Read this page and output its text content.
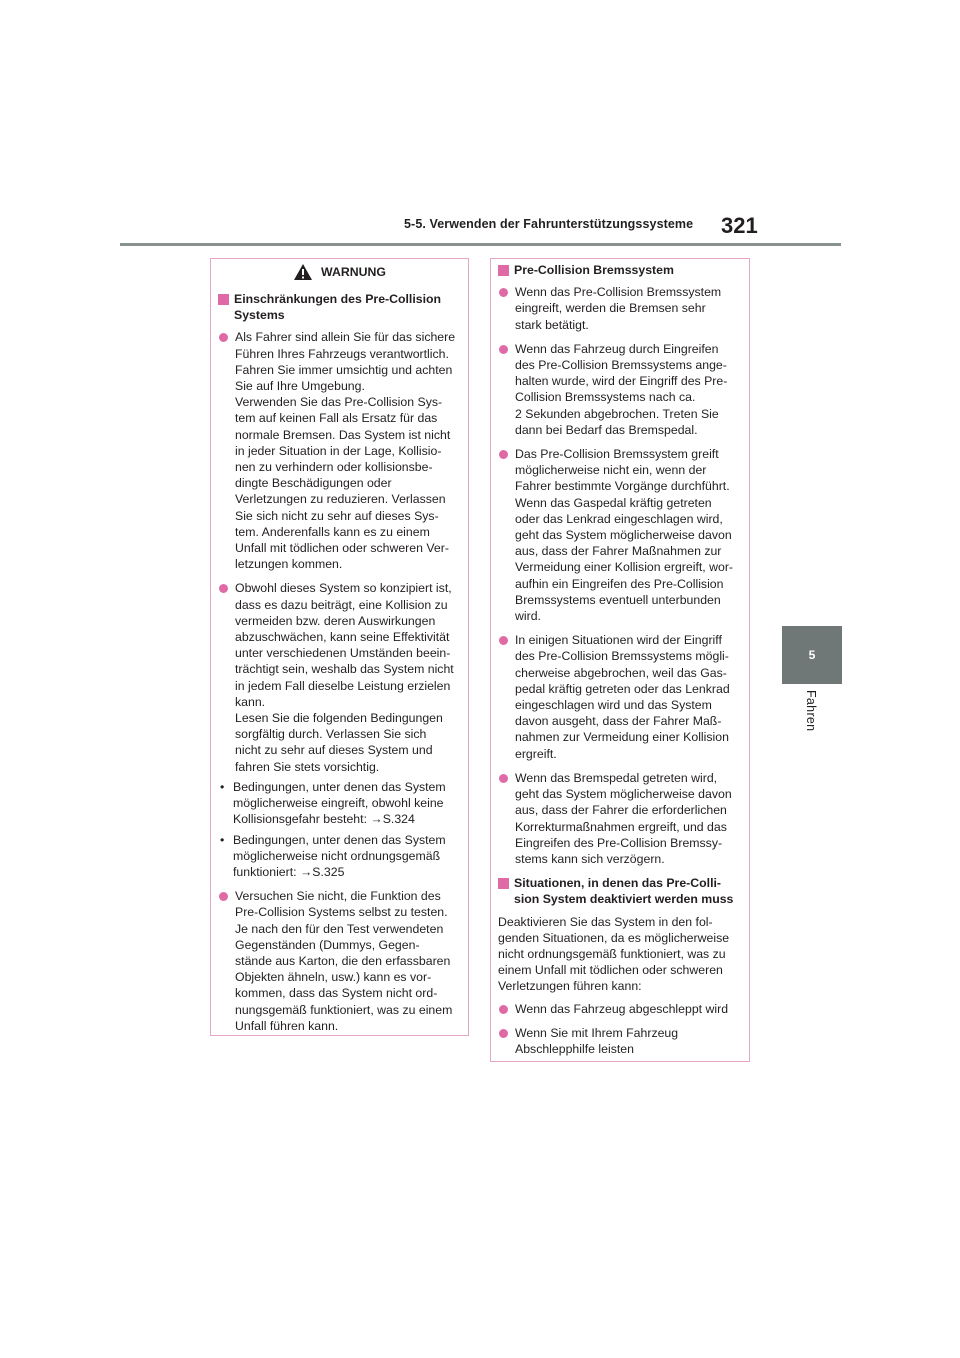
5-5. Verwenden der Fahrunterstützungssysteme 321
5
Fahren
WARNUNG
Einschränkungen des Pre-Collision Systems
Als Fahrer sind allein Sie für das sichere
Führen Ihres Fahrzeugs verantwortlich.
Fahren Sie immer umsichtig und achten
Sie auf Ihre Umgebung.
Verwenden Sie das Pre-Collision Sys-
tem auf keinen Fall als Ersatz für das
normale Bremsen. Das System ist nicht
in jeder Situation in der Lage, Kollisio-
nen zu verhindern oder kollisionsbe-
dingte Beschädigungen oder
Verletzungen zu reduzieren. Verlassen
Sie sich nicht zu sehr auf dieses Sys-
tem. Anderenfalls kann es zu einem
Unfall mit tödlichen oder schweren Ver-
letzungen kommen.
Obwohl dieses System so konzipiert ist,
dass es dazu beiträgt, eine Kollision zu
vermeiden bzw. deren Auswirkungen
abzuschwächen, kann seine Effektivität
unter verschiedenen Umständen beein-
trächtigt sein, weshalb das System nicht
in jedem Fall dieselbe Leistung erzielen
kann.
Lesen Sie die folgenden Bedingungen
sorgfältig durch. Verlassen Sie sich
nicht zu sehr auf dieses System und
fahren Sie stets vorsichtig.
• Bedingungen, unter denen das System
möglicherweise eingreift, obwohl keine
Kollisionsgefahr besteht: →S.324
• Bedingungen, unter denen das System
möglicherweise nicht ordnungsgemäß
funktioniert: →S.325
Versuchen Sie nicht, die Funktion des
Pre-Collision Systems selbst zu testen.
Je nach den für den Test verwendeten
Gegenständen (Dummys, Gegen-
stände aus Karton, die den erfassbaren
Objekten ähneln, usw.) kann es vor-
kommen, dass das System nicht ord-
nungsgemäß funktioniert, was zu einem
Unfall führen kann.
Pre-Collision Bremssystem
Wenn das Pre-Collision Bremssystem
eingreift, werden die Bremsen sehr
stark betätigt.
Wenn das Fahrzeug durch Eingreifen
des Pre-Collision Bremssystems ange-
halten wurde, wird der Eingriff des Pre-
Collision Bremssystems nach ca.
2 Sekunden abgebrochen. Treten Sie
dann bei Bedarf das Bremspedal.
Das Pre-Collision Bremssystem greift
möglicherweise nicht ein, wenn der
Fahrer bestimmte Vorgänge durchführt.
Wenn das Gaspedal kräftig getreten
oder das Lenkrad eingeschlagen wird,
geht das System möglicherweise davon
aus, dass der Fahrer Maßnahmen zur
Vermeidung einer Kollision ergreift, wor-
aufhin ein Eingreifen des Pre-Collision
Bremssystems eventuell unterbunden
wird.
In einigen Situationen wird der Eingriff
des Pre-Collision Bremssystems mögli-
cherweise abgebrochen, weil das Gas-
pedal kräftig getreten oder das Lenkrad
eingeschlagen wird und das System
davon ausgeht, dass der Fahrer Maß-
nahmen zur Vermeidung einer Kollision
ergreift.
Wenn das Bremspedal getreten wird,
geht das System möglicherweise davon
aus, dass der Fahrer die erforderlichen
Korrekturmaßnahmen ergreift, und das
Eingreifen des Pre-Collision Bremssy-
stems kann sich verzögern.
Situationen, in denen das Pre-Colli-
sion System deaktiviert werden muss
Deaktivieren Sie das System in den fol-
genden Situationen, da es möglicherweise
nicht ordnungsgemäß funktioniert, was zu
einem Unfall mit tödlichen oder schweren
Verletzungen führen kann:
Wenn das Fahrzeug abgeschleppt wird
Wenn Sie mit Ihrem Fahrzeug
Abschlepphilfe leisten
